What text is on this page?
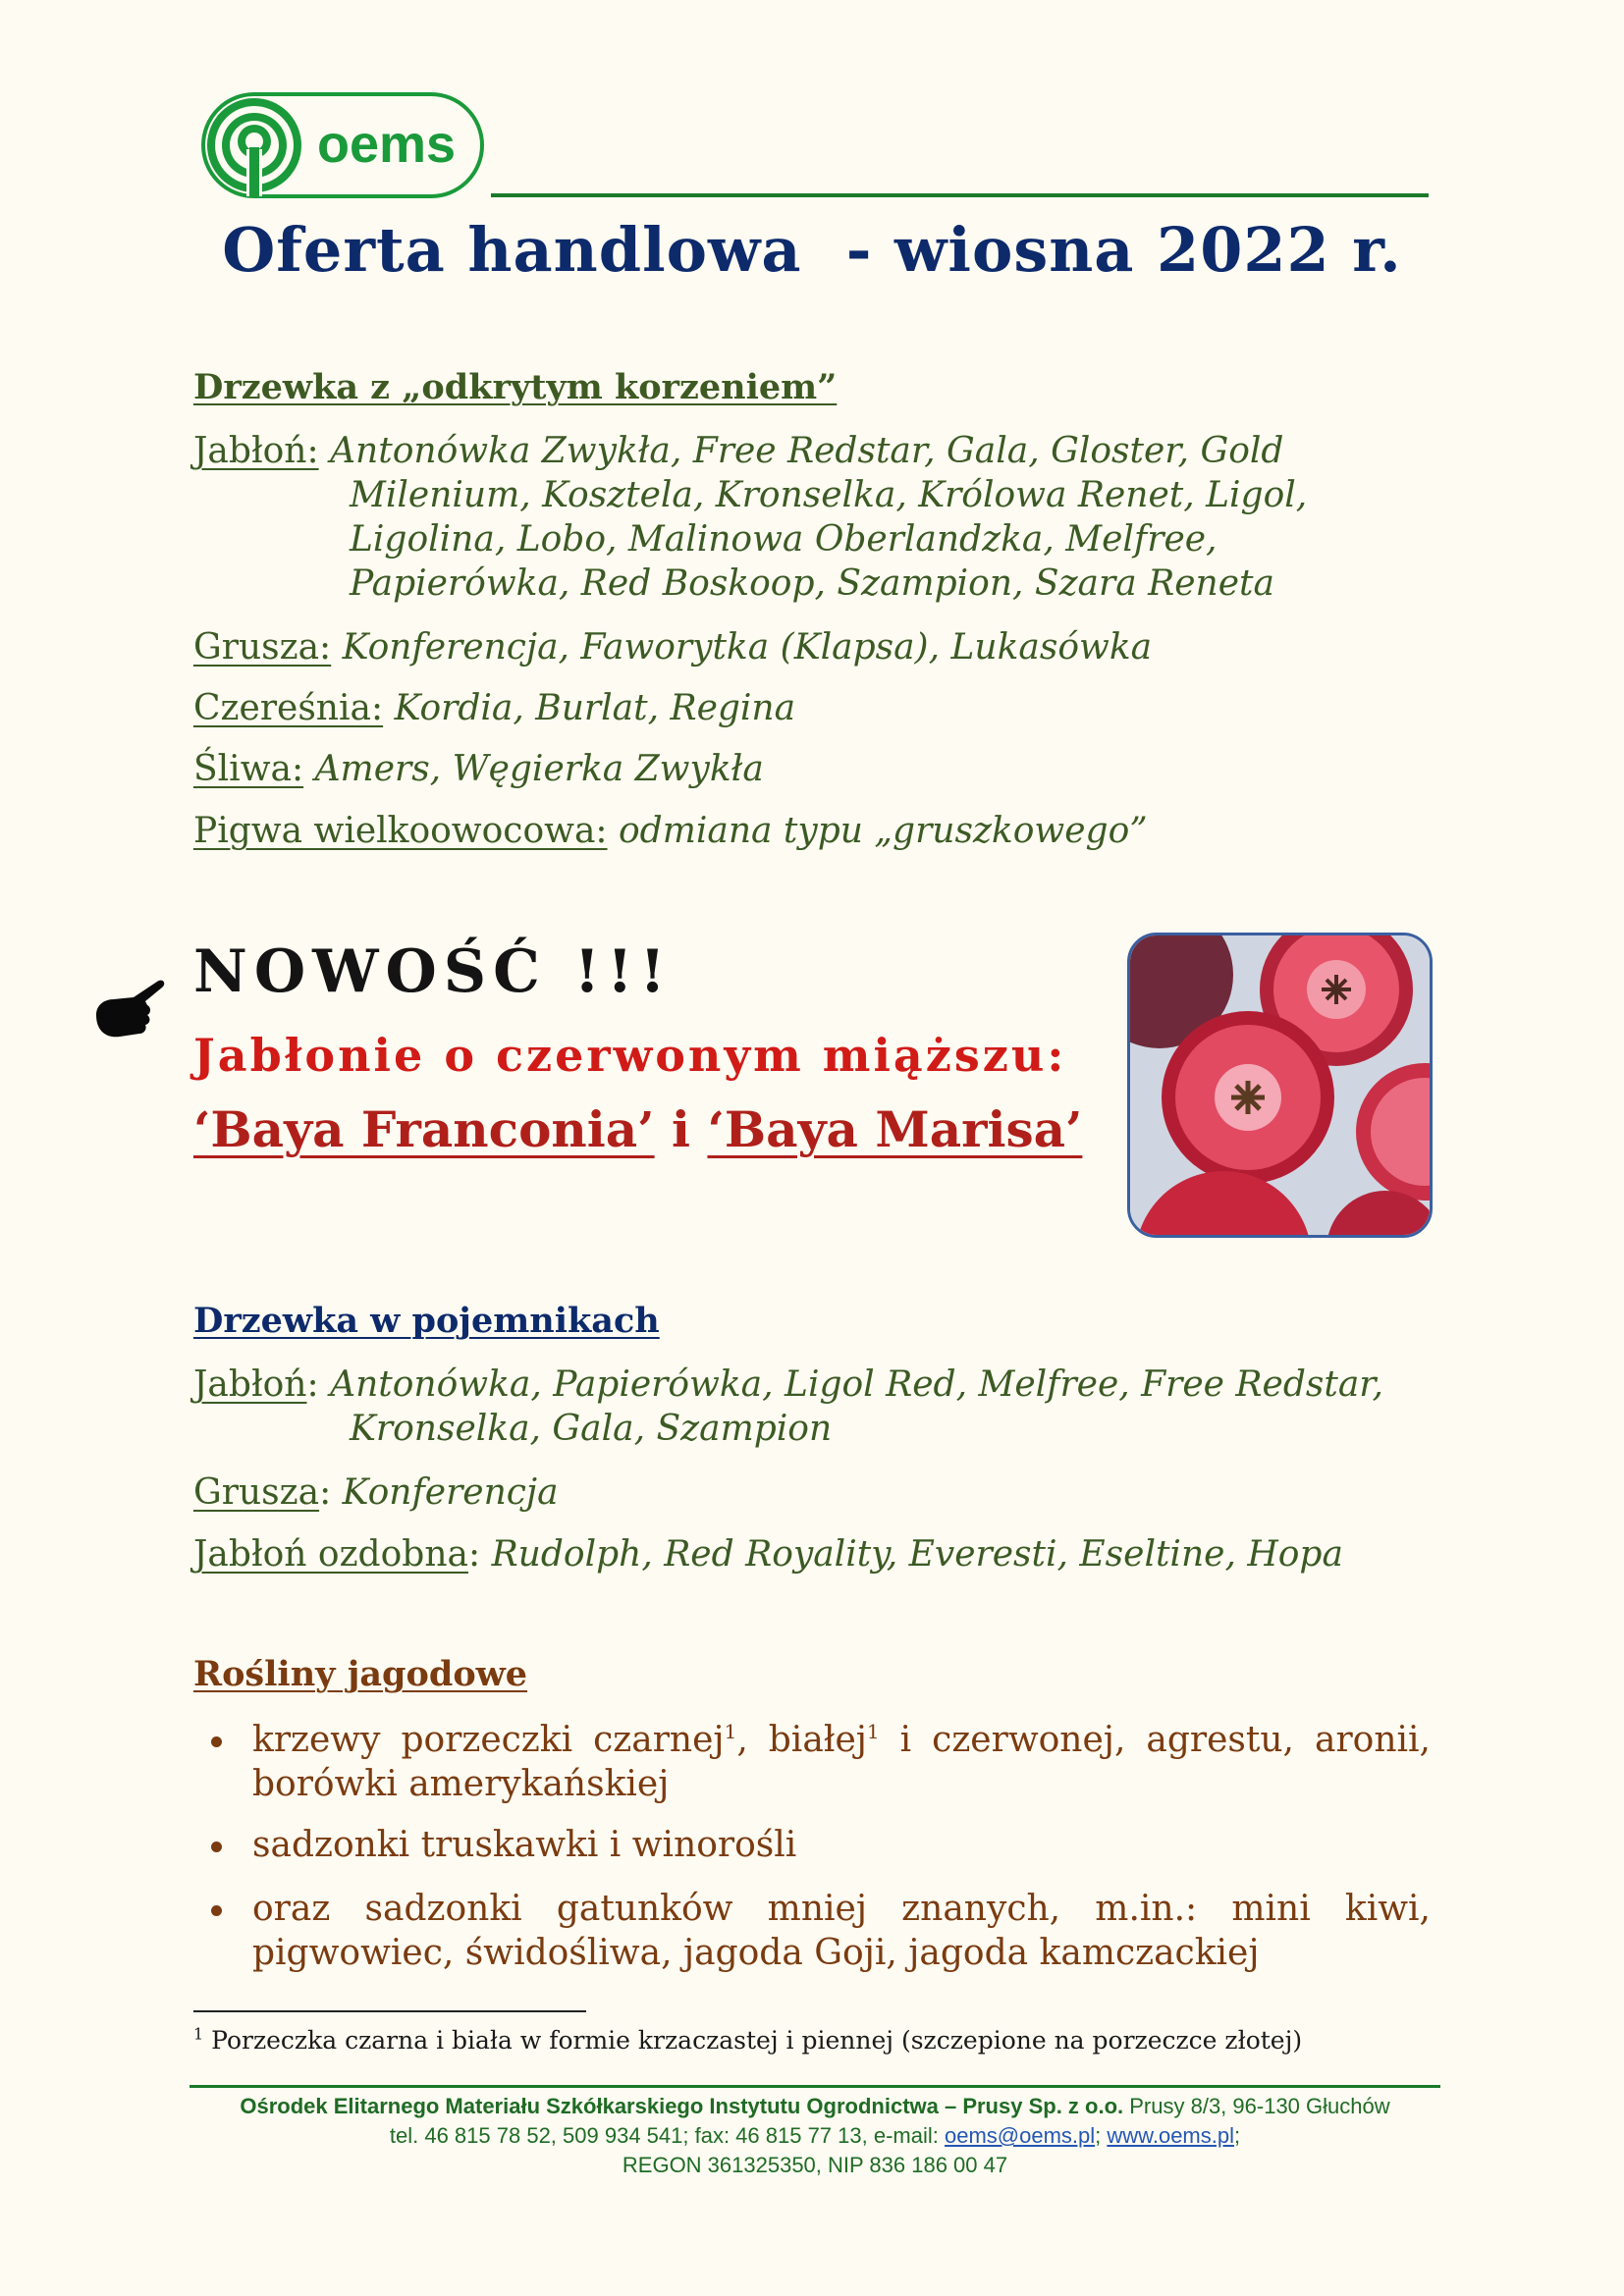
oems
Oferta handlowa  - wiosna 2022 r.
Drzewka z „odkrytym korzeniem”
Jabłoń: Antonówka Zwykła, Free Redstar, Gala, Gloster, Gold
Milenium, Kosztela, Kronselka, Królowa Renet, Ligol,
Ligolina, Lobo, Malinowa Oberlandzka, Melfree,
Papierówka, Red Boskoop, Szampion, Szara Reneta
Grusza: Konferencja, Faworytka (Klapsa), Lukasówka
Czereśnia: Kordia, Burlat, Regina
Śliwa: Amers, Węgierka Zwykła
Pigwa wielkoowocowa: odmiana typu „gruszkowego”
NOWOŚĆ !!!
Jabłonie o czerwonym miąższu:
‘Baya Franconia’ i ‘Baya Marisa’
Drzewka w pojemnikach
Jabłoń: Antonówka, Papierówka, Ligol Red, Melfree, Free Redstar,
Kronselka, Gala, Szampion
Grusza: Konferencja
Jabłoń ozdobna: Rudolph, Red Royality, Everesti, Eseltine, Hopa
Rośliny jagodowe
krzewy porzeczki czarnej$^1$, białej$^1$ i czerwonej, agrestu, aronii,
borówki amerykańskiej
sadzonki truskawki i winorośli
oraz sadzonki gatunków mniej znanych, m.in.: mini kiwi,
pigwowiec, świdośliwa, jagoda Goji, jagoda kamczackiej
$^1$ Porzeczka czarna i biała w formie krzaczastej i piennej (szczepione na porzeczce złotej)
Ośrodek Elitarnego Materiału Szkółkarskiego Instytutu Ogrodnictwa – Prusy Sp. z o.o. Prusy 8/3, 96-130 Głuchów
tel. 46 815 78 52, 509 934 541; fax: 46 815 77 13, e-mail: oems@oems.pl; www.oems.pl;
REGON 361325350, NIP 836 186 00 47
